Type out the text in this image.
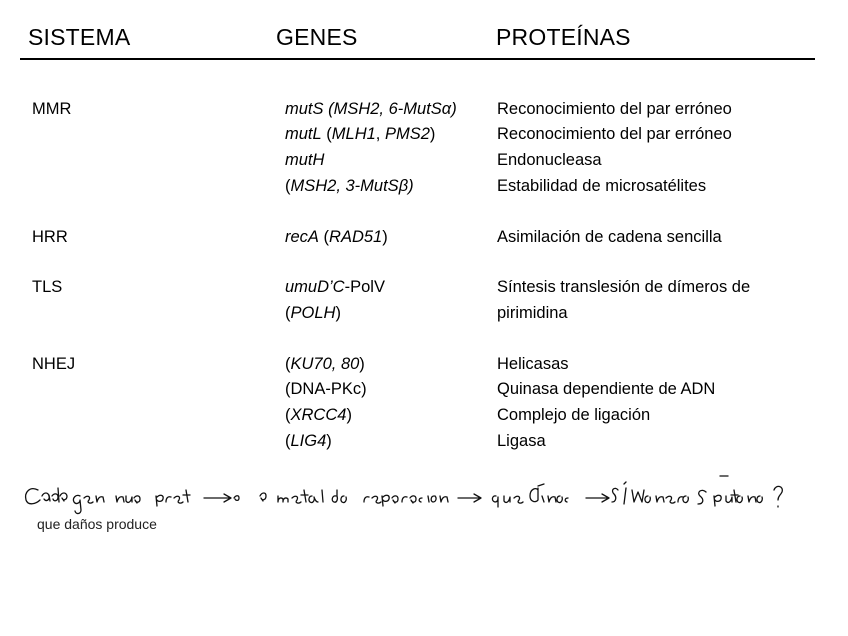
SISTEMA	GENES	PROTEÍNAS
MMR
HRR
TLS
NHEJ
mutS (MSH2, 6-MutSα)
mutL (MLH1, PMS2)
mutH
(MSH2, 3-MutSβ)
recA (RAD51)
umuD’C-PolV
(POLH)
(KU70, 80)
(DNA-PKc)
(XRCC4)
(LIG4)
Reconocimiento del par erróneo
Reconocimiento del par erróneo
Endonucleasa
Estabilidad de microsatélites
Asimilación de cadena sencilla
Síntesis translesión de dímeros de
pirimidina
Helicasas
Quinasa dependiente de ADN
Complejo de ligación
Ligasa
que daños produce
